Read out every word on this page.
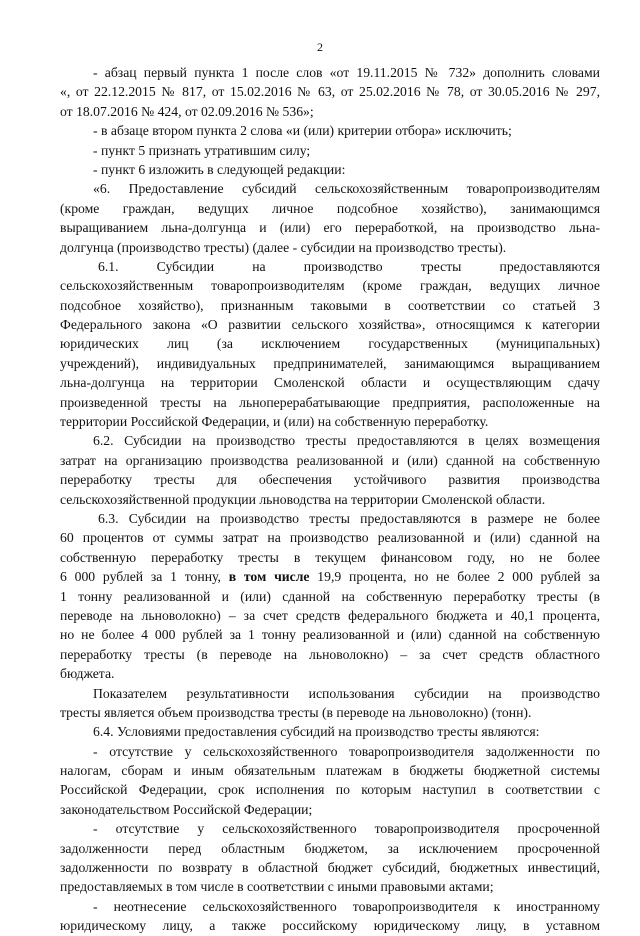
2
- абзац первый пункта 1 после слов «от 19.11.2015 № 732» дополнить словами
«, от 22.12.2015 № 817, от 15.02.2016 № 63, от 25.02.2016 № 78, от 30.05.2016 № 297,
от 18.07.2016 № 424, от 02.09.2016 № 536»;
- в абзаце втором пункта 2 слова «и (или) критерии отбора» исключить;
- пункт 5 признать утратившим силу;
- пункт 6 изложить в следующей редакции:
«6. Предоставление субсидий сельскохозяйственным товаропроизводителям
(кроме граждан, ведущих личное подсобное хозяйство), занимающимся
выращиванием льна-долгунца и (или) его переработкой, на производство льна-
долгунца (производство тресты) (далее - субсидии на производство тресты).
6.1. Субсидии на производство тресты предоставляются
сельскохозяйственным товаропроизводителям (кроме граждан, ведущих личное
подсобное хозяйство), признанным таковыми в соответствии со статьей 3
Федерального закона «О развитии сельского хозяйства», относящимся к категории
юридических лиц (за исключением государственных (муниципальных)
учреждений), индивидуальных предпринимателей, занимающимся выращиванием
льна-долгунца на территории Смоленской области и осуществляющим сдачу
произведенной тресты на льноперерабатывающие предприятия, расположенные на
территории Российской Федерации, и (или) на собственную переработку.
6.2. Субсидии на производство тресты предоставляются в целях возмещения
затрат на организацию производства реализованной и (или) сданной на собственную
переработку тресты для обеспечения устойчивого развития производства
сельскохозяйственной продукции льноводства на территории Смоленской области.
6.3. Субсидии на производство тресты предоставляются в размере не более
60 процентов от суммы затрат на производство реализованной и (или) сданной на
собственную переработку тресты в текущем финансовом году, но не более
6 000 рублей за 1 тонну, в том числе 19,9 процента, но не более 2 000 рублей за
1 тонну реализованной и (или) сданной на собственную переработку тресты (в
переводе на льноволокно) – за счет средств федерального бюджета и 40,1 процента,
но не более 4 000 рублей за 1 тонну реализованной и (или) сданной на собственную
переработку тресты (в переводе на льноволокно) – за счет средств областного
бюджета.
Показателем результативности использования субсидии на производство
тресты является объем производства тресты (в переводе на льноволокно) (тонн).
6.4. Условиями предоставления субсидий на производство тресты являются:
- отсутствие у сельскохозяйственного товаропроизводителя задолженности по
налогам, сборам и иным обязательным платежам в бюджеты бюджетной системы
Российской Федерации, срок исполнения по которым наступил в соответствии с
законодательством Российской Федерации;
- отсутствие у сельскохозяйственного товаропроизводителя просроченной
задолженности перед областным бюджетом, за исключением просроченной
задолженности по возврату в областной бюджет субсидий, бюджетных инвестиций,
предоставляемых в том числе в соответствии с иными правовыми актами;
- неотнесение сельскохозяйственного товаропроизводителя к иностранному
юридическому лицу, а также российскому юридическому лицу, в уставном
